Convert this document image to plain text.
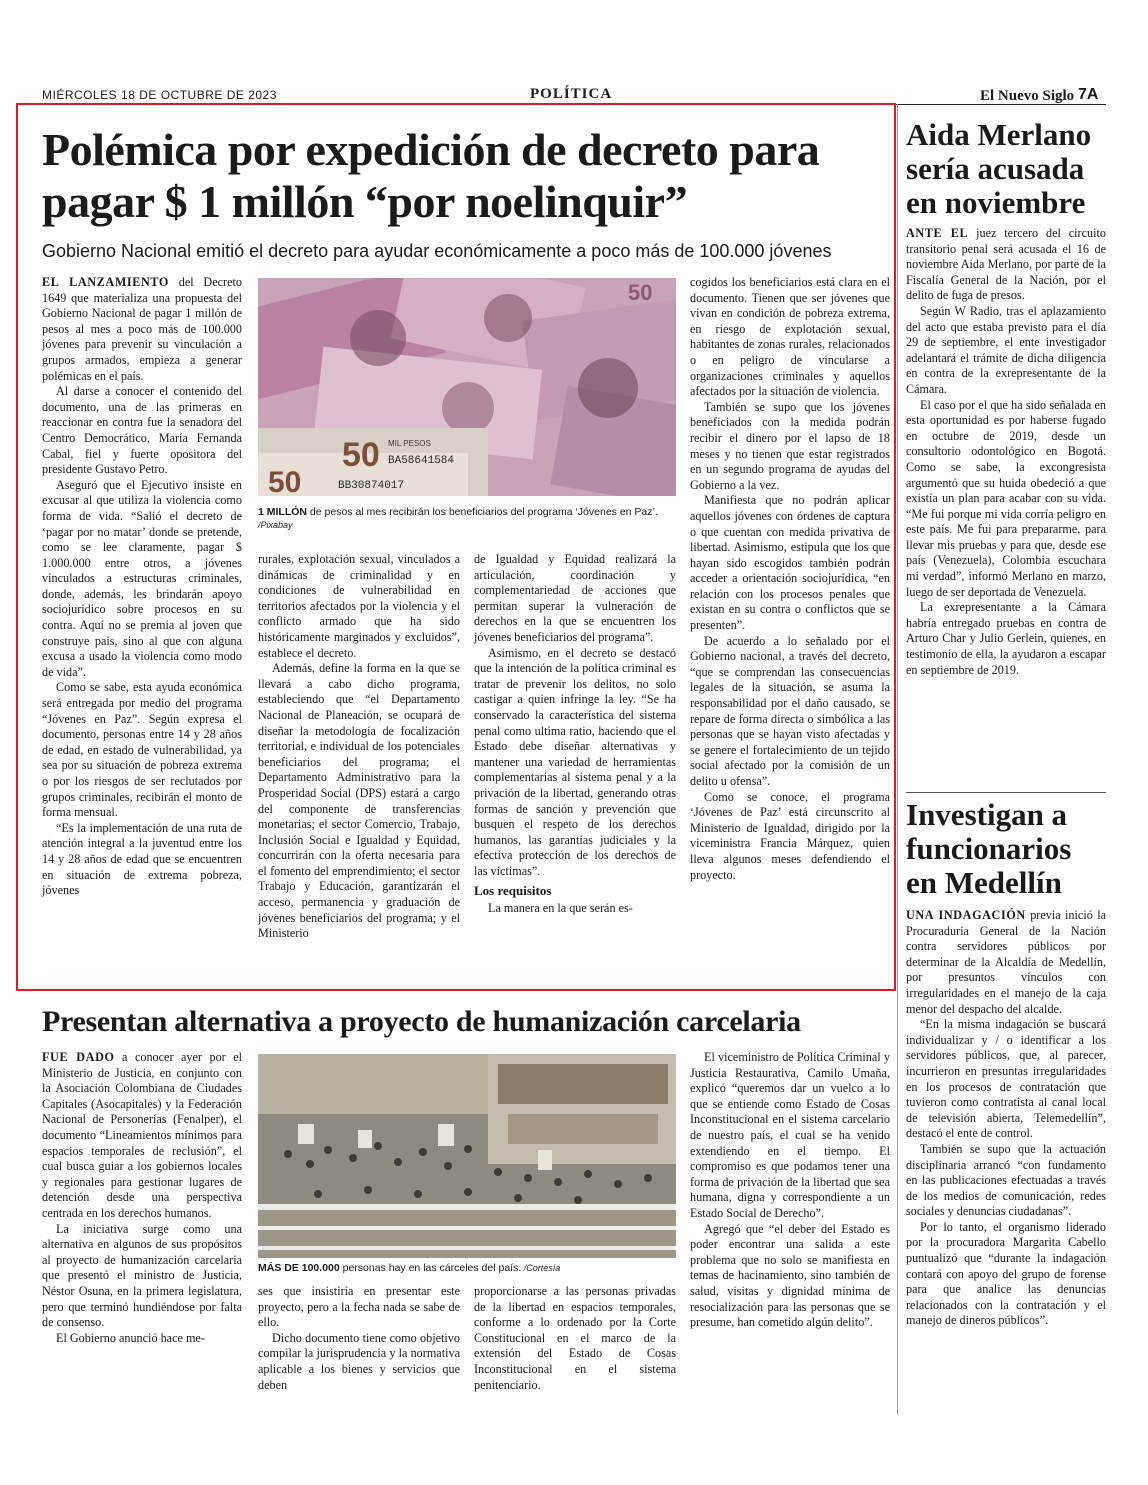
MIÉRCOLES 18 DE OCTUBRE DE 2023	POLÍTICA	El Nuevo Siglo 7A
Polémica por expedición de decreto para pagar $ 1 millón “por noelinquir”
Gobierno Nacional emitió el decreto para ayudar económicamente a poco más de 100.000 jóvenes

EL LANZAMIENTO del Decreto 1649 que materializa una propuesta del Gobierno Nacional de pagar 1 millón de pesos al mes a poco más de 100.000 jóvenes para prevenir su vinculación a grupos armados, empieza a generar polémicas en el país.

Al darse a conocer el contenido del documento, una de las primeras en reaccionar en contra fue la senadora del Centro Democrático, María Fernanda Cabal, fiel y fuerte opositora del presidente Gustavo Petro.

Aseguró que el Ejecutivo insiste en excusar al que utiliza la violencia como forma de vida. “Salió el decreto de ‘pagar por no matar’ donde se pretende, como se lee claramente, pagar $ 1.000.000 entre otros, a jóvenes vinculados a estructuras criminales, donde, además, les brindarán apoyo sociojurídico sobre procesos en su contra. Aquí no se premia al joven que construye país, sino al que con alguna excusa a usado la violencia como modo de vida”.

Como se sabe, esta ayuda económica será entregada por medio del programa “Jóvenes en Paz”. Según expresa el documento, personas entre 14 y 28 años de edad, en estado de vulnerabilidad, ya sea por su situación de pobreza extrema o por los riesgos de ser reclutados por grupos criminales, recibirán el monto de forma mensual.

“Es la implementación de una ruta de atención integral a la juventud entre los 14 y 28 años de edad que se encuentren en situación de extrema pobreza, jóvenes

rurales, explotación sexual, vinculados a dinámicas de criminalidad y en condiciones de vulnerabilidad en territorios afectados por la violencia y el conflicto armado que ha sido históricamente marginados y excluidos”, establece el decreto.

Además, define la forma en la que se llevará a cabo dicho programa, estableciendo que “el Departamento Nacional de Planeación, se ocupará de diseñar la metodología de focalización territorial, e individual de los potenciales beneficiarios del programa; el Departamento Administrativo para la Prosperidad Social (DPS) estará a cargo del componente de transferencias monetarias; el sector Comercio, Trabajo, Inclusión Social e Igualdad y Equidad, concurrirán con la oferta necesaria para el fomento del emprendimiento; el sector Trabajo y Educación, garantizarán el acceso, permanencia y graduación de jóvenes beneficiarios del programa; y el Ministerio

de Igualdad y Equidad realizará la articulación, coordinación y complementariedad de acciones que permitan superar la vulneración de derechos en la que se encuentren los jóvenes beneficiarios del programa”.

Asimismo, en el decreto se destacó que la intención de la política criminal es tratar de prevenir los delitos, no solo castigar a quien infringe la ley. “Se ha conservado la característica del sistema penal como ultima ratio, haciendo que el Estado debe diseñar alternativas y mantener una variedad de herramientas complementarias al sistema penal y a la privación de la libertad, generando otras formas de sanción y prevención que busquen el respeto de los derechos humanos, las garantías judiciales y la efectiva protección de los derechos de las víctimas”.

Los requisitos

La manera en la que serán es-

cogidos los beneficiarios está clara en el documento. Tienen que ser jóvenes que vivan en condición de pobreza extrema, en riesgo de explotación sexual, habitantes de zonas rurales, relacionados o en peligro de vincularse a organizaciones criminales y aquellos afectados por la situación de violencia.

También se supo que los jóvenes beneficiados con la medida podrán recibir el dinero por el lapso de 18 meses y no tienen que estar registrados en un segundo programa de ayudas del Gobierno a la vez.

Manifiesta que no podrán aplicar aquellos jóvenes con órdenes de captura o que cuentan con medida privativa de libertad. Asimismo, estipula que los que hayan sido escogidos también podrán acceder a orientación sociojurídica, “en relación con los procesos penales que existan en su contra o conflictos que se presenten”.

De acuerdo a lo señalado por el Gobierno nacional, a través del decreto, “que se comprendan las consecuencias legales de la situación, se asuma la responsabilidad por el daño causado, se repare de forma directa o simbólica a las personas que se hayan visto afectadas y se genere el fortalecimiento de un tejido social afectado por la comisión de un delito u ofensa”.

Como se conoce, el programa ‘Jóvenes de Paz’ está circunscrito al Ministerio de Igualdad, dirigido por la viceministra Francia Márquez, quien lleva algunos meses defendiendo el proyecto.

50 MIL PESOS
BA58641584
50	BB30874017
50
1 MILLÓN de pesos al mes recibirán los beneficiarios del programa ‘Jóvenes en Paz’. /Pixabay
Aida Merlano sería acusada en noviembre

ANTE EL juez tercero del circuito transitorio penal será acusada el 16 de noviembre Aida Merlano, por parte de la Fiscalía General de la Nación, por el delito de fuga de presos.

Según W Radio, tras el aplazamiento del acto que estaba previsto para el día 29 de septiembre, el ente investigador adelantará el trámite de dicha diligencia en contra de la exrepresentante de la Cámara.

El caso por el que ha sido señalada en esta oportunidad es por haberse fugado en octubre de 2019, desde un consultorio odontológico en Bogotá. Como se sabe, la excongresista argumentó que su huida obedeció a que existía un plan para acabar con su vida. “Me fui porque mi vida corría peligro en este país. Me fui para prepararme, para llevar mis pruebas y para que, desde ese país (Venezuela), Colombia escuchara mi verdad”, informó Merlano en marzo, luego de ser deportada de Venezuela.

La exrepresentante a la Cámara habría entregado pruebas en contra de Arturo Char y Julio Gerlein, quienes, en testimonio de ella, la ayudaron a escapar en septiembre de 2019.

Investigan a funcionarios en Medellín

UNA INDAGACIÓN previa inició la Procuraduría General de la Nación contra servidores públicos por determinar de la Alcaldía de Medellín, por presuntos vínculos con irregularidades en el manejo de la caja menor del despacho del alcalde.

“En la misma indagación se buscará individualizar y / o identificar a los servidores públicos, que, al parecer, incurrieron en presuntas irregularidades en los procesos de contratación que tuvieron como contratista al canal local de televisión abierta, Telemedellín”, destacó el ente de control.

También se supo que la actuación disciplinaria arrancó “con fundamento en las publicaciones efectuadas a través de los medios de comunicación, redes sociales y denuncias ciudadanas”.

Por lo tanto, el organismo liderado por la procuradora Margarita Cabello puntualizó que “durante la indagación contará con apoyo del grupo de forense para que analice las denuncias relacionados con la contratación y el manejo de dineros públicos”.

Presentan alternativa a proyecto de humanización carcelaria

FUE DADO a conocer ayer por el Ministerio de Justicia, en conjunto con la Asociación Colombiana de Ciudades Capitales (Asocapitales) y la Federación Nacional de Personerías (Fenalper), el documento “Lineamientos mínimos para espacios temporales de reclusión”, el cual busca guiar a los gobiernos locales y regionales para gestionar lugares de detención desde una perspectiva centrada en los derechos humanos.

La iniciativa surge como una alternativa en algunos de sus propósitos al proyecto de humanización carcelaria que presentó el ministro de Justicia, Néstor Osuna, en la primera legislatura, pero que terminó hundiéndose por falta de consenso.

El Gobierno anunció hace me-

ses que insistiría en presentar este proyecto, pero a la fecha nada se sabe de ello.

Dicho documento tiene como objetivo compilar la jurisprudencia y la normativa aplicable a los bienes y servicios que deben

proporcionarse a las personas privadas de la libertad en espacios temporales, conforme a lo ordenado por la Corte Constitucional en el marco de la extensión del Estado de Cosas Inconstitucional en el sistema penitenciario.

El viceministro de Política Criminal y Justicia Restaurativa, Camilo Umaña, explicó “queremos dar un vuelco a lo que se entiende como Estado de Cosas Inconstitucional en el sistema carcelario de nuestro país, el cual se ha venido extendiendo en el tiempo. El compromiso es que podamos tener una forma de privación de la libertad que sea humana, digna y correspondiente a un Estado Social de Derecho”.

Agregó que “el deber del Estado es poder encontrar una salida a este problema que no solo se manifiesta en temas de hacinamiento, sino también de salud, visitas y dignidad mínima de resocialización para las personas que se presume, han cometido algún delito”.

MÁS DE 100.000 personas hay en las cárceles del país. /Cortesía
